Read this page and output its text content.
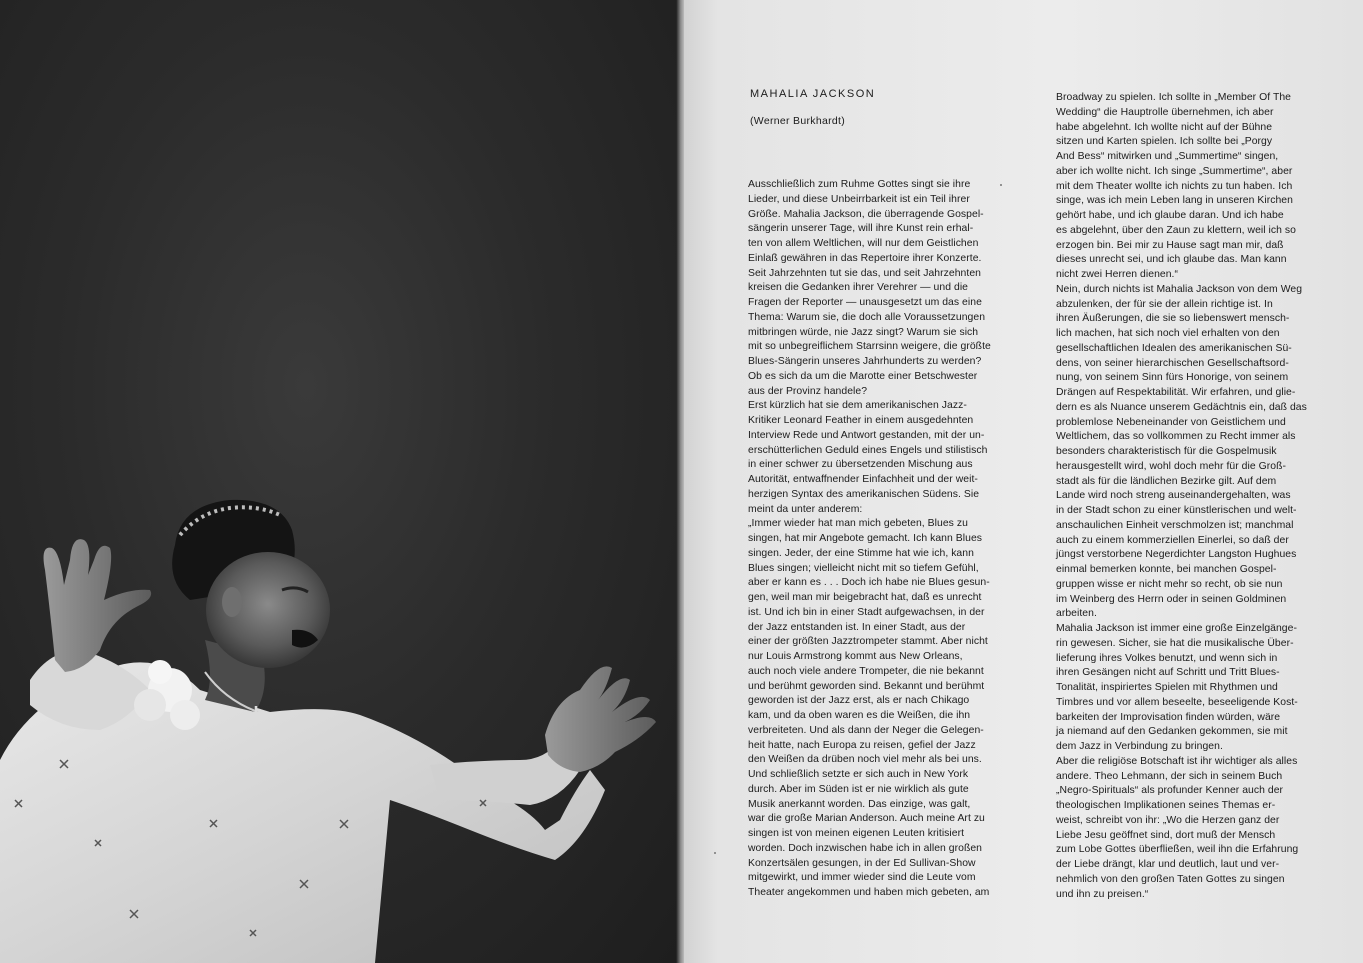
MAHALIA JACKSON

(Werner Burkhardt)

Ausschließlich zum Ruhme Gottes singt sie ihre
Lieder, und diese Unbeirrbarkeit ist ein Teil ihrer
Größe. Mahalia Jackson, die überragende Gospel-
sängerin unserer Tage, will ihre Kunst rein erhal-
ten von allem Weltlichen, will nur dem Geistlichen
Einlaß gewähren in das Repertoire ihrer Konzerte.
Seit Jahrzehnten tut sie das, und seit Jahrzehnten
kreisen die Gedanken ihrer Verehrer — und die
Fragen der Reporter — unausgesetzt um das eine
Thema: Warum sie, die doch alle Voraussetzungen
mitbringen würde, nie Jazz singt? Warum sie sich
mit so unbegreiflichem Starrsinn weigere, die größte
Blues-Sängerin unseres Jahrhunderts zu werden?
Ob es sich da um die Marotte einer Betschwester
aus der Provinz handele?
Erst kürzlich hat sie dem amerikanischen Jazz-
Kritiker Leonard Feather in einem ausgedehnten
Interview Rede und Antwort gestanden, mit der un-
erschütterlichen Geduld eines Engels und stilistisch
in einer schwer zu übersetzenden Mischung aus
Autorität, entwaffnender Einfachheit und der weit-
herzigen Syntax des amerikanischen Südens. Sie
meint da unter anderem:
„Immer wieder hat man mich gebeten, Blues zu
singen, hat mir Angebote gemacht. Ich kann Blues
singen. Jeder, der eine Stimme hat wie ich, kann
Blues singen; vielleicht nicht mit so tiefem Gefühl,
aber er kann es . . . Doch ich habe nie Blues gesun-
gen, weil man mir beigebracht hat, daß es unrecht
ist. Und ich bin in einer Stadt aufgewachsen, in der
der Jazz entstanden ist. In einer Stadt, aus der
einer der größten Jazztrompeter stammt. Aber nicht
nur Louis Armstrong kommt aus New Orleans,
auch noch viele andere Trompeter, die nie bekannt
und berühmt geworden sind. Bekannt und berühmt
geworden ist der Jazz erst, als er nach Chikago
kam, und da oben waren es die Weißen, die ihn
verbreiteten. Und als dann der Neger die Gelegen-
heit hatte, nach Europa zu reisen, gefiel der Jazz
den Weißen da drüben noch viel mehr als bei uns.
Und schließlich setzte er sich auch in New York
durch. Aber im Süden ist er nie wirklich als gute
Musik anerkannt worden. Das einzige, was galt,
war die große Marian Anderson. Auch meine Art zu
singen ist von meinen eigenen Leuten kritisiert
worden. Doch inzwischen habe ich in allen großen
Konzertsälen gesungen, in der Ed Sullivan-Show
mitgewirkt, und immer wieder sind die Leute vom
Theater angekommen und haben mich gebeten, am
Broadway zu spielen. Ich sollte in „Member Of The
Wedding“ die Hauptrolle übernehmen, ich aber
habe abgelehnt. Ich wollte nicht auf der Bühne
sitzen und Karten spielen. Ich sollte bei „Porgy
And Bess“ mitwirken und „Summertime“ singen,
aber ich wollte nicht. Ich singe „Summertime“, aber
mit dem Theater wollte ich nichts zu tun haben. Ich
singe, was ich mein Leben lang in unseren Kirchen
gehört habe, und ich glaube daran. Und ich habe
es abgelehnt, über den Zaun zu klettern, weil ich so
erzogen bin. Bei mir zu Hause sagt man mir, daß
dieses unrecht sei, und ich glaube das. Man kann
nicht zwei Herren dienen.“
Nein, durch nichts ist Mahalia Jackson von dem Weg
abzulenken, der für sie der allein richtige ist. In
ihren Äußerungen, die sie so liebenswert mensch-
lich machen, hat sich noch viel erhalten von den
gesellschaftlichen Idealen des amerikanischen Sü-
dens, von seiner hierarchischen Gesellschaftsord-
nung, von seinem Sinn fürs Honorige, von seinem
Drängen auf Respektabilität. Wir erfahren, und glie-
dern es als Nuance unserem Gedächtnis ein, daß das
problemlose Nebeneinander von Geistlichem und
Weltlichem, das so vollkommen zu Recht immer als
besonders charakteristisch für die Gospelmusik
herausgestellt wird, wohl doch mehr für die Groß-
stadt als für die ländlichen Bezirke gilt. Auf dem
Lande wird noch streng auseinandergehalten, was
in der Stadt schon zu einer künstlerischen und welt-
anschaulichen Einheit verschmolzen ist; manchmal
auch zu einem kommerziellen Einerlei, so daß der
jüngst verstorbene Negerdichter Langston Hughues
einmal bemerken konnte, bei manchen Gospel-
gruppen wisse er nicht mehr so recht, ob sie nun
im Weinberg des Herrn oder in seinen Goldminen
arbeiten.
Mahalia Jackson ist immer eine große Einzelgänge-
rin gewesen. Sicher, sie hat die musikalische Über-
lieferung ihres Volkes benutzt, und wenn sich in
ihren Gesängen nicht auf Schritt und Tritt Blues-
Tonalität, inspiriertes Spielen mit Rhythmen und
Timbres und vor allem beseelte, beseeligende Kost-
barkeiten der Improvisation finden würden, wäre
ja niemand auf den Gedanken gekommen, sie mit
dem Jazz in Verbindung zu bringen.
Aber die religiöse Botschaft ist ihr wichtiger als alles
andere. Theo Lehmann, der sich in seinem Buch
„Negro-Spirituals“ als profunder Kenner auch der
theologischen Implikationen seines Themas er-
weist, schreibt von ihr: „Wo die Herzen ganz der
Liebe Jesu geöffnet sind, dort muß der Mensch
zum Lobe Gottes überfließen, weil ihn die Erfahrung
der Liebe drängt, klar und deutlich, laut und ver-
nehmlich von den großen Taten Gottes zu singen
und ihn zu preisen.“
